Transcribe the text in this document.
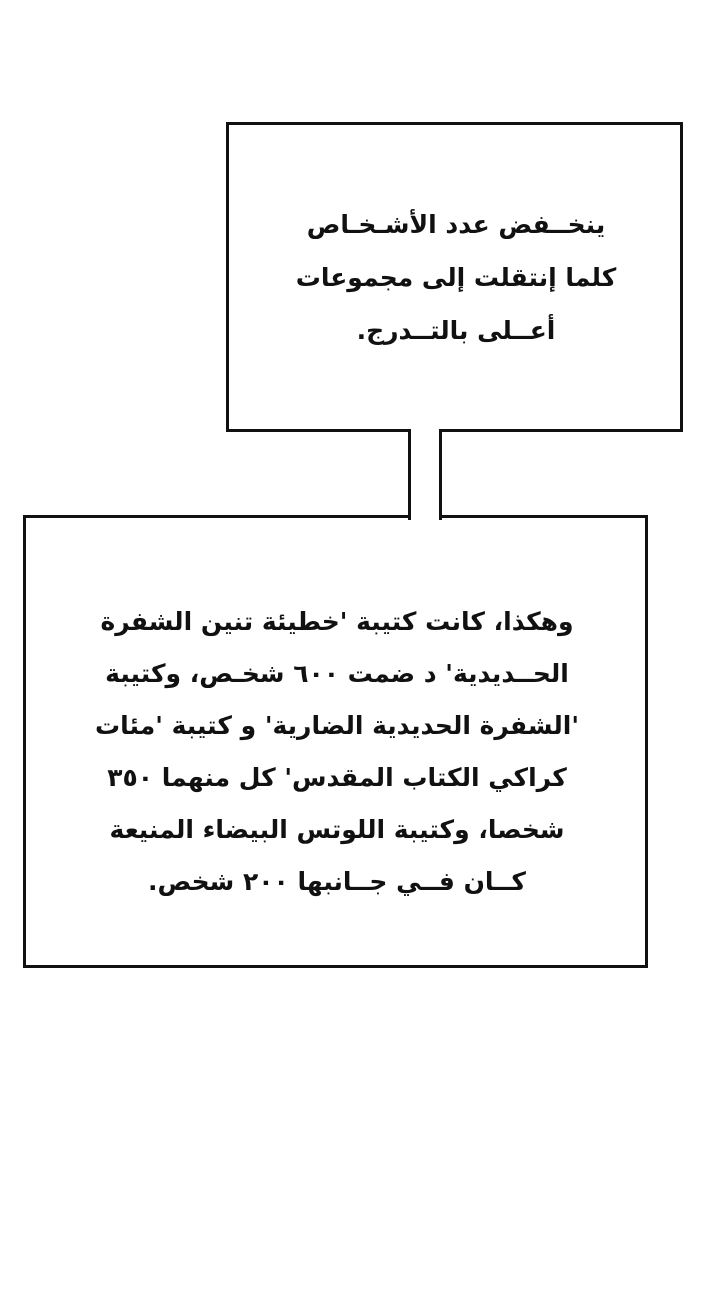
ينخــفض عدد الأشـخـاص
كلما إنتقلت إلى مجموعات
أعــلى بالتــدرج.
وهكذا، كانت كتيبة 'خطيئة تنين الشفرة
الحــديدية' د ضمت ٦٠٠ شخـص، وكتيبة
'الشفرة الحديدية الضارية' و كتيبة 'مئات
كراكي الكتاب المقدس' كل منهما ٣٥٠
شخصا، وكتيبة اللوتس البيضاء المنيعة
كــان فــي جــانبها ٢٠٠ شخص.
